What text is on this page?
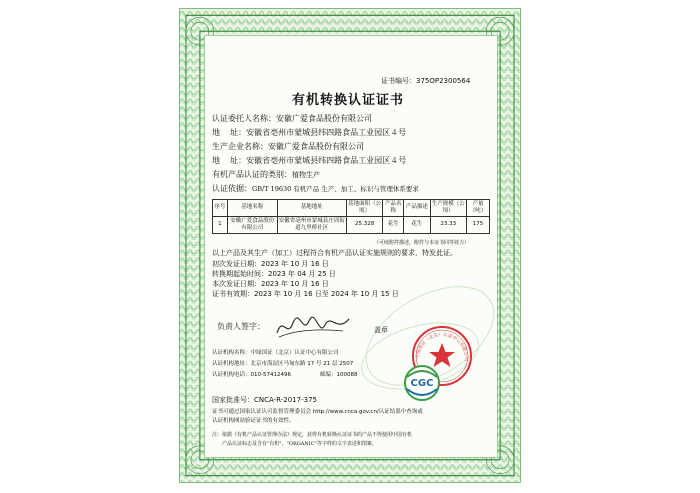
证书编号：375OP2300564
有机转换认证证书
认证委托人名称：安徽广爱食品股份有限公司
地    址：安徽省亳州市蒙城县纬四路食品工业园区４号
生产企业名称：安徽广爱食品股份有限公司
地    址：安徽省亳州市蒙城县纬四路食品工业园区４号
有机产品认证的类别：植物生产
认证依据：GB/T 19630 有机产品 生产、加工、标识与管理体系要求
序号	基地名称	基地地址	基地面积（公顷）	产品名称	产品描述	生产规模（公顷）	产量（吨）
1	安徽广爱食品股份有限公司	安徽省亳州市蒙城县庄周街道九里桥社区	25.328	花生	花生	23.33	175
（可续附件描述，附件与本证书同等效力）
以上产品及其生产（加工）过程符合有机产品认证实施规则的要求，特发此证。
初次发证日期：2023 年 10 月 16 日
转换期起始时间：2023 年 04 月 25 日
本次发证日期：2023 年 10 月 16 日
证书有效期：2023 年 10 月 16 日至 2024 年 10 月 15 日
负责人签字：	盖章
中绿国证（北京）认证中心有限公司
CGC
认证机构名称：中绿国证（北京）认证中心有限公司
认证机构地址：北京市海淀区马甸东路 17 号 21 层 2507
认证机构电话：010-57412496	邮编：100088
国家批准号：CNCA-R-2017-375
证书可通过国家认证认可监督管理委员会 http://www.cnca.gov.cn/认证结果中查询或
认证机构网站验证证书的有效性。
注：依据《有机产品认证管理办法》规定，获得有机转换认证证书的产品不得使用中国有机
产品认证标志及含有"有机"、"ORGANIC"等字样的文字表述和图案。
